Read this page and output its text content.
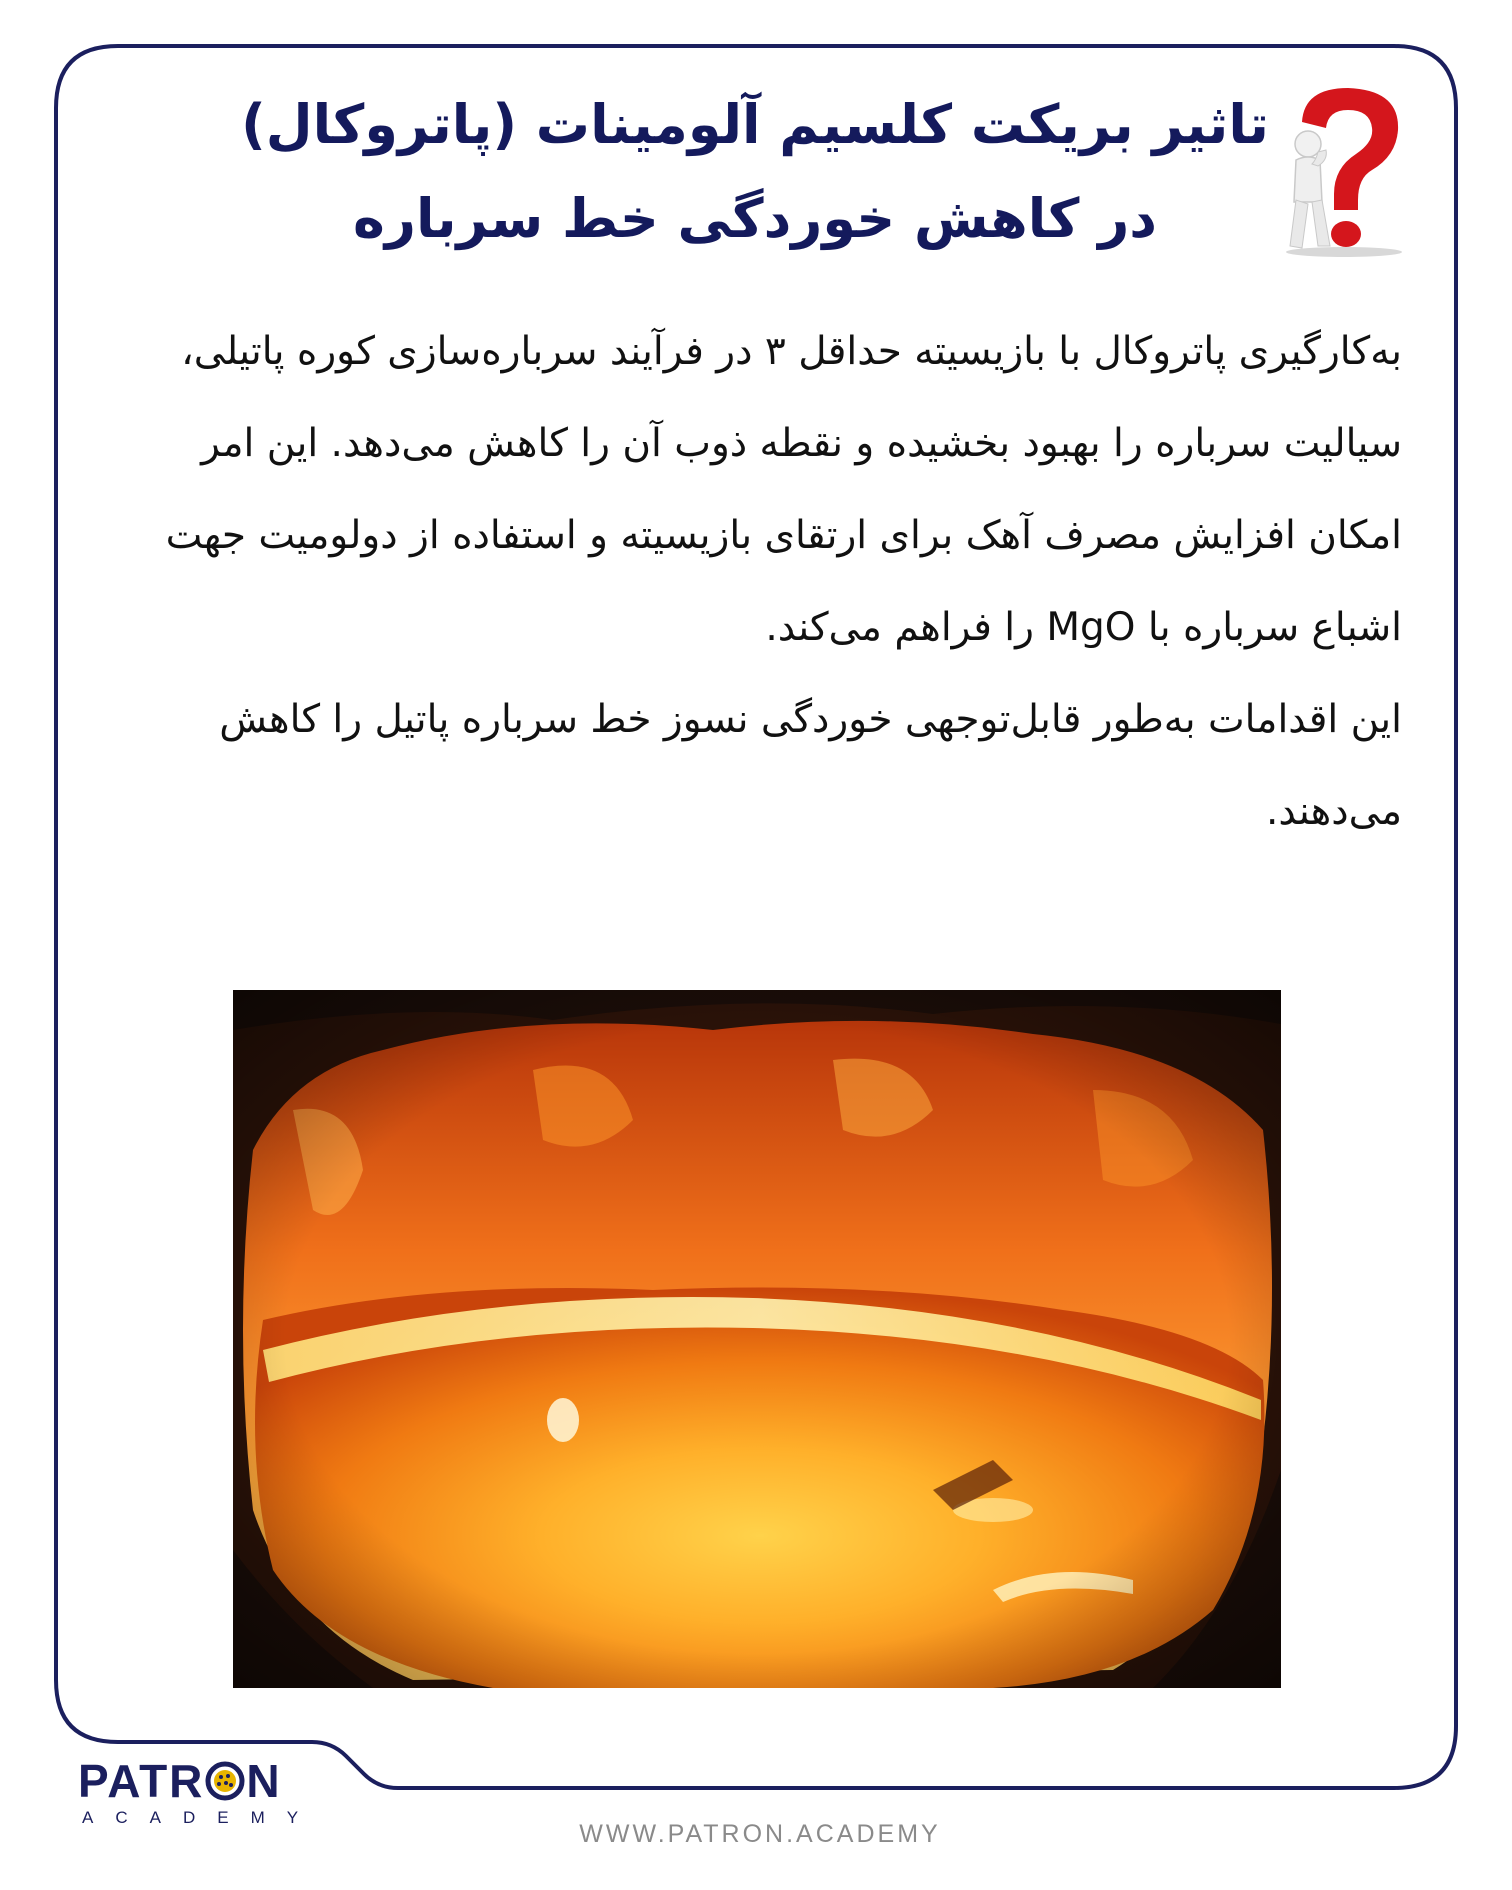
تاثیر بریکت کلسیم آلومینات (پاتروکال)
در کاهش خوردگی خط سرباره

به‌کارگیری پاتروکال با بازیسیته حداقل ۳ در فرآیند سرباره‌سازی کوره پاتیلی، سیالیت سرباره را بهبود بخشیده و نقطه ذوب آن را کاهش می‌دهد. این امر امکان افزایش مصرف آهک برای ارتقای بازیسیته و استفاده از دولومیت جهت اشباع سرباره با MgO را فراهم می‌کند.

این اقدامات به‌طور قابل‌توجهی خوردگی نسوز خط سرباره پاتیل را کاهش می‌دهند.

PATR N
ACADEMY
WWW.PATRON.ACADEMY
